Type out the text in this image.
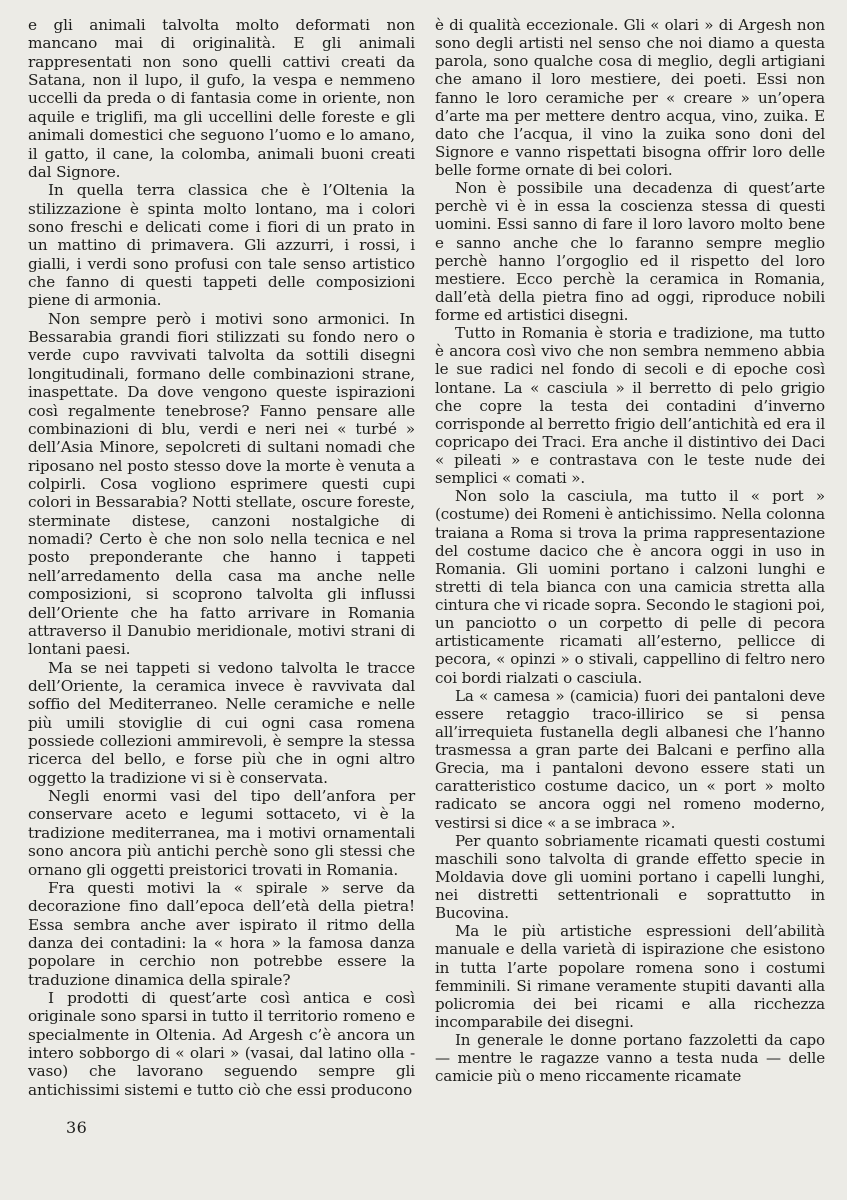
e gli animali talvolta molto deformati non mancano mai di originalità. E gli animali rappresentati non sono quelli cattivi creati da Satana, non il lupo, il gufo, la vespa e nemmeno uccelli da preda o di fantasia come in oriente, non aquile e triglifi, ma gli uccellini delle foreste e gli animali domestici che seguono l’uomo e lo amano, il gatto, il cane, la colomba, animali buoni creati dal Signore.

In quella terra classica che è l’Oltenia la stilizzazione è spinta molto lontano, ma i colori sono freschi e delicati come i fiori di un prato in un mattino di primavera. Gli azzurri, i rossi, i gialli, i verdi sono profusi con tale senso artistico che fanno di questi tappeti delle composizioni piene di armonia.

Non sempre però i motivi sono armonici. In Bessarabia grandi fiori stilizzati su fondo nero o verde cupo ravvivati talvolta da sottili disegni longitudinali, formano delle combinazioni strane, inaspettate. Da dove vengono queste ispirazioni così regalmente tenebrose? Fanno pensare alle combinazioni di blu, verdi e neri nei « turbé » dell’Asia Minore, sepolcreti di sultani nomadi che riposano nel posto stesso dove la morte è venuta a colpirli. Cosa vogliono esprimere questi cupi colori in Bessarabia? Notti stellate, oscure foreste, sterminate distese, canzoni nostalgiche di nomadi? Certo è che non solo nella tecnica e nel posto preponderante che hanno i tappeti nell’arredamento della casa ma anche nelle composizioni, si scoprono talvolta gli influssi dell’Oriente che ha fatto arrivare in Romania attraverso il Danubio meridionale, motivi strani di lontani paesi.

Ma se nei tappeti si vedono talvolta le tracce dell’Oriente, la ceramica invece è ravvivata dal soffio del Mediterraneo. Nelle ceramiche e nelle più umili stoviglie di cui ogni casa romena possiede collezioni ammirevoli, è sempre la stessa ricerca del bello, e forse più che in ogni altro oggetto la tradizione vi si è conservata.

Negli enormi vasi del tipo dell’anfora per conservare aceto e legumi sottaceto, vi è la tradizione mediterranea, ma i motivi ornamentali sono ancora più antichi perchè sono gli stessi che ornano gli oggetti preistorici trovati in Romania.

Fra questi motivi la « spirale » serve da decorazione fino dall’epoca dell’età della pietra! Essa sembra anche aver ispirato il ritmo della danza dei contadini: la « hora » la famosa danza popolare in cerchio non potrebbe essere la traduzione dinamica della spirale?

I prodotti di quest’arte così antica e così originale sono sparsi in tutto il territorio romeno e specialmente in Oltenia. Ad Argesh c’è ancora un intero sobborgo di « olari » (vasai, dal latino olla - vaso) che lavorano seguendo sempre gli antichissimi sistemi e tutto ciò che essi producono

è di qualità eccezionale. Gli « olari » di Argesh non sono degli artisti nel senso che noi diamo a questa parola, sono qualche cosa di meglio, degli artigiani che amano il loro mestiere, dei poeti. Essi non fanno le loro ceramiche per « creare » un’opera d’arte ma per mettere dentro acqua, vino, zuika. E dato che l’acqua, il vino la zuika sono doni del Signore e vanno rispettati bisogna offrir loro delle belle forme ornate di bei colori.

Non è possibile una decadenza di quest’arte perchè vi è in essa la coscienza stessa di questi uomini. Essi sanno di fare il loro lavoro molto bene e sanno anche che lo faranno sempre meglio perchè hanno l’orgoglio ed il rispetto del loro mestiere. Ecco perchè la ceramica in Romania, dall’età della pietra fino ad oggi, riproduce nobili forme ed artistici disegni.

Tutto in Romania è storia e tradizione, ma tutto è ancora così vivo che non sembra nemmeno abbia le sue radici nel fondo di secoli e di epoche così lontane. La « casciula » il berretto di pelo grigio che copre la testa dei contadini d’inverno corrisponde al berretto frigio dell’antichità ed era il copricapo dei Traci. Era anche il distintivo dei Daci « pileati » e contrastava con le teste nude dei semplici « comati ».

Non solo la casciula, ma tutto il « port » (costume) dei Romeni è antichissimo. Nella colonna traiana a Roma si trova la prima rappresentazione del costume dacico che è ancora oggi in uso in Romania. Gli uomini portano i calzoni lunghi e stretti di tela bianca con una camicia stretta alla cintura che vi ricade sopra. Secondo le stagioni poi, un panciotto o un corpetto di pelle di pecora artisticamente ricamati all’esterno, pellicce di pecora, « opinzi » o stivali, cappellino di feltro nero coi bordi rialzati o casciula.

La « camesa » (camicia) fuori dei pantaloni deve essere retaggio traco-illirico se si pensa all’irrequieta fustanella degli albanesi che l’hanno trasmessa a gran parte dei Balcani e perfino alla Grecia, ma i pantaloni devono essere stati un caratteristico costume dacico, un « port » molto radicato se ancora oggi nel romeno moderno, vestirsi si dice « a se imbraca ».

Per quanto sobriamente ricamati questi costumi maschili sono talvolta di grande effetto specie in Moldavia dove gli uomini portano i capelli lunghi, nei distretti settentrionali e soprattutto in Bucovina.

Ma le più artistiche espressioni dell’abilità manuale e della varietà di ispirazione che esistono in tutta l’arte popolare romena sono i costumi femminili. Si rimane veramente stupiti davanti alla policromia dei bei ricami e alla ricchezza incomparabile dei disegni.

In generale le donne portano fazzoletti da capo — mentre le ragazze vanno a testa nuda — delle camicie più o meno riccamente ricamate

36
